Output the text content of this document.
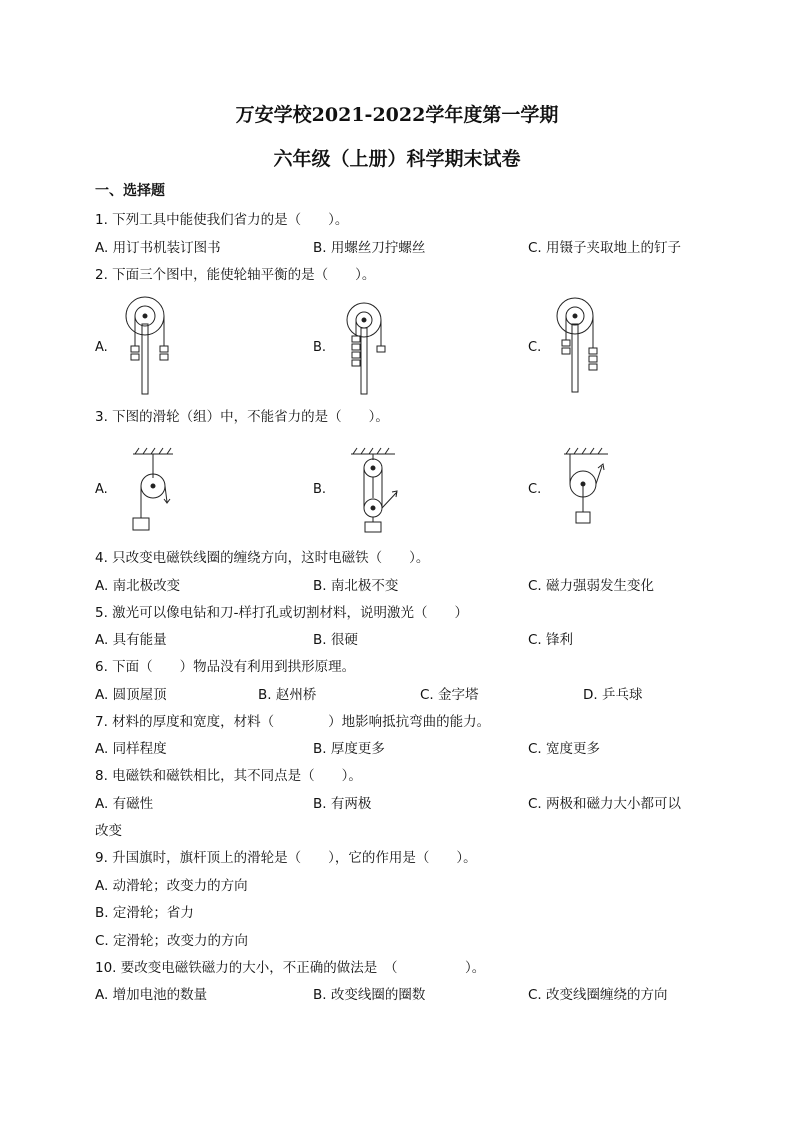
万安学校2021-2022学年度第一学期
六年级（上册）科学期末试卷
一、选择题
1. 下列工具中能使我们省力的是（　　）。
A. 用订书机装订图书	B. 用螺丝刀拧螺丝	C. 用镊子夹取地上的钉子
2. 下面三个图中，能使轮轴平衡的是（　　）。
A.	B.	C.
3. 下图的滑轮（组）中，不能省力的是（　　）。
A.	B.	C.
4. 只改变电磁铁线圈的缠绕方向，这时电磁铁（　　）。
A. 南北极改变	B. 南北极不变	C. 磁力强弱发生变化
5. 激光可以像电钻和刀-样打孔或切割材料，说明激光（　　）
A. 具有能量	B. 很硬	C. 锋利
6. 下面（　　）物品没有利用到拱形原理。
A. 圆顶屋顶	B. 赵州桥	C. 金字塔	D. 乒乓球
7. 材料的厚度和宽度，材料（　　　　）地影响抵抗弯曲的能力。
A. 同样程度	B. 厚度更多	C. 宽度更多
8. 电磁铁和磁铁相比，其不同点是（　　）。
A. 有磁性	B. 有两极	C. 两极和磁力大小都可以
改变
9. 升国旗时，旗杆顶上的滑轮是（　　），它的作用是（　　）。
A. 动滑轮；改变力的方向
B. 定滑轮；省力
C. 定滑轮；改变力的方向
10. 要改变电磁铁磁力的大小，不正确的做法是　（　　　　　）。
A. 增加电池的数量	B. 改变线圈的圈数	C. 改变线圈缠绕的方向
